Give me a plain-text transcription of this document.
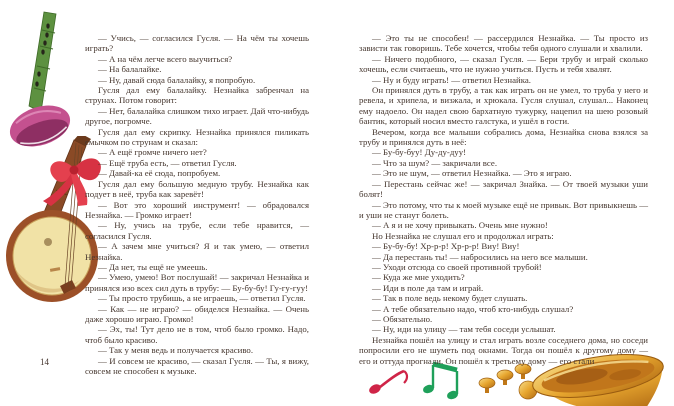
— Учись, — согласился Гусля. — На чём ты хочешь играть?

— А на чём легче всего выучиться?

— На балалайке.

— Ну, давай сюда балалайку, я попробую.

Гусля дал ему балалайку. Незнайка забренчал на струнах. Потом говорит:

— Нет, балалайка слишком тихо играет. Дай что-нибудь другое, погромче.

Гусля дал ему скрипку. Незнайка принялся пиликать смычком по струнам и сказал:

— А ещё громче ничего нет?

— Ещё труба есть, — ответил Гусля.

— Давай-ка её сюда, попробуем.

Гусля дал ему большую медную трубу. Незнайка как подует в неё, труба как заревёт!

— Вот это хороший инструмент! — обрадовался Незнайка. — Громко играет!

— Ну, учись на трубе, если тебе нравится, — согласился Гусля.

— А зачем мне учиться? Я и так умею, — ответил Незнайка.

— Да нет, ты ещё не умеешь.

— Умею, умею! Вот послушай! — закричал Незнайка и принялся изо всех сил дуть в трубу: — Бу-бу-бу! Гу-гу-гуу!

— Ты просто трубишь, а не играешь, — ответил Гусля.

— Как — не играю? — обиделся Незнайка. — Очень даже хорошо играю. Громко!

— Эх, ты! Тут дело не в том, чтоб было громко. Надо, чтоб было красиво.

— Так у меня ведь и получается красиво.

— И совсем не красиво, — сказал Гусля. — Ты, я вижу, совсем не способен к музыке.

— Это ты не способен! — рассердился Незнайка. — Ты просто из зависти так говоришь. Тебе хочется, чтобы тебя одного слушали и хвалили.

— Ничего подобного, — сказал Гусля. — Бери трубу и играй сколько хочешь, если считаешь, что не нужно учиться. Пусть и тебя хвалят.

— Ну и буду играть! — ответил Незнайка.

Он принялся дуть в трубу, а так как играть он не умел, то труба у него и ревела, и хрипела, и визжала, и хрюкала. Гусля слушал, слушал... Наконец ему надоело. Он надел свою бархатную тужурку, нацепил на шею розовый бантик, который носил вместо галстука, и ушёл в гости.

Вечером, когда все малыши собрались дома, Незнайка снова взялся за трубу и принялся дуть в неё:

— Бу-бу-буу! Ду-ду-дуу!

— Что за шум? — закричали все.

— Это не шум, — ответил Незнайка. — Это я играю.

— Перестань сейчас же! — закричал Знайка. — От твоей музыки уши болят!

— Это потому, что ты к моей музыке ещё не привык. Вот привыкнешь — и уши не станут болеть.

— А я и не хочу привыкать. Очень мне нужно!

Но Незнайка не слушал его и продолжал играть:

— Бу-бу-бу! Хр-р-р! Хр-р-р! Виу! Виу!

— Да перестань ты! — набросились на него все малыши.

— Уходи отсюда со своей противной трубой!

— Куда же мне уходить?

— Иди в поле да там и играй.

— Так в поле ведь некому будет слушать.

— А тебе обязательно надо, чтоб кто-нибудь слушал?

— Обязательно.

— Ну, иди на улицу — там тебя соседи услышат.

Незнайка пошёл на улицу и стал играть возле соседнего дома, но соседи попросили его не шуметь под окнами. Тогда он пошёл к другому дому — его и оттуда прогнали. Он пошёл к третьему дому — его стали

14
